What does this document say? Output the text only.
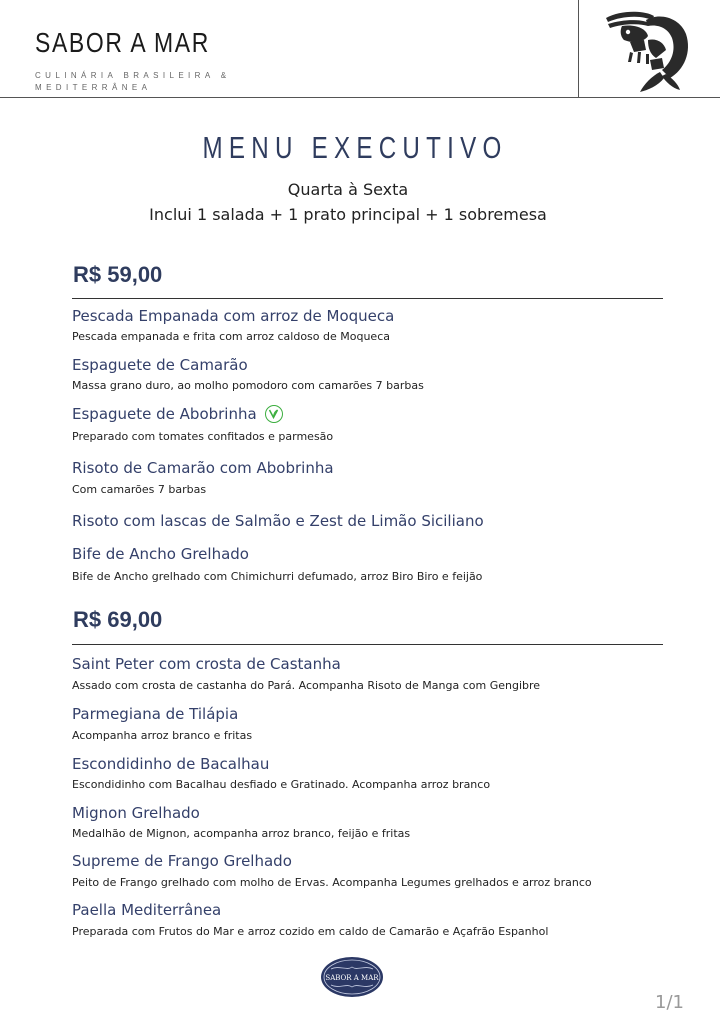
SABOR A MAR
CULINÁRIA BRASILEIRA & MEDITERRÂNEA
MENU EXECUTIVO
Quarta à Sexta
Inclui 1 salada + 1 prato principal + 1 sobremesa
R$ 59,00
Pescada Empanada com arroz de Moqueca
Pescada empanada e frita com arroz caldoso de Moqueca
Espaguete de Camarão
Massa grano duro, ao molho pomodoro com camarões 7 barbas
Espaguete de Abobrinha
Preparado com tomates confitados e parmesão
Risoto de Camarão com Abobrinha
Com camarões 7 barbas
Risoto com lascas de Salmão e Zest de Limão Siciliano
Bife de Ancho Grelhado
Bife de Ancho grelhado com Chimichurri defumado, arroz Biro Biro e feijão
R$ 69,00
Saint Peter com crosta de Castanha
Assado com crosta de castanha do Pará. Acompanha Risoto de Manga com Gengibre
Parmegiana de Tilápia
Acompanha arroz branco e fritas
Escondidinho de Bacalhau
Escondidinho com Bacalhau desfiado e Gratinado. Acompanha arroz branco
Mignon Grelhado
Medalhão de Mignon, acompanha arroz branco, feijão e fritas
Supreme de Frango Grelhado
Peito de Frango grelhado com molho de Ervas. Acompanha Legumes grelhados e arroz branco
Paella Mediterrânea
Preparada com Frutos do Mar e arroz cozido em caldo de Camarão e Açafrão Espanhol
SABOR A MAR
1/1
